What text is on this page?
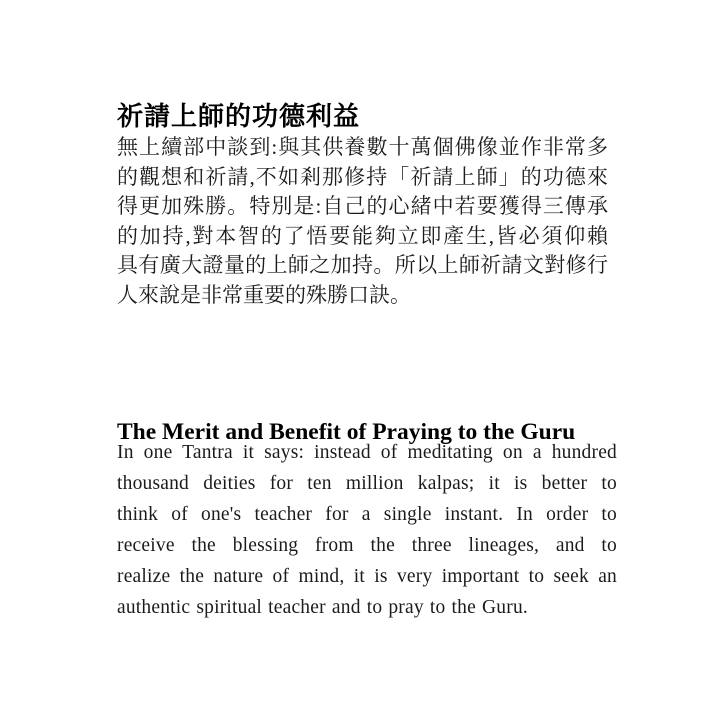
祈請上師的功德利益
無上續部中談到:與其供養數十萬個佛像並作非常多
的觀想和祈請,不如剎那修持「祈請上師」的功德來
得更加殊勝。特別是:自己的心緒中若要獲得三傳承
的加持,對本智的了悟要能夠立即產生,皆必須仰賴
具有廣大證量的上師之加持。所以上師祈請文對修行
人來說是非常重要的殊勝口訣。
The Merit and Benefit of Praying to the Guru
In one Tantra it says: instead of meditating on a hundred
thousand deities for ten million kalpas; it is better to
think of one's teacher for a single instant. In order to
receive the blessing from the three lineages, and to
realize the nature of mind, it is very important to seek an
authentic spiritual teacher and to pray to the Guru.
